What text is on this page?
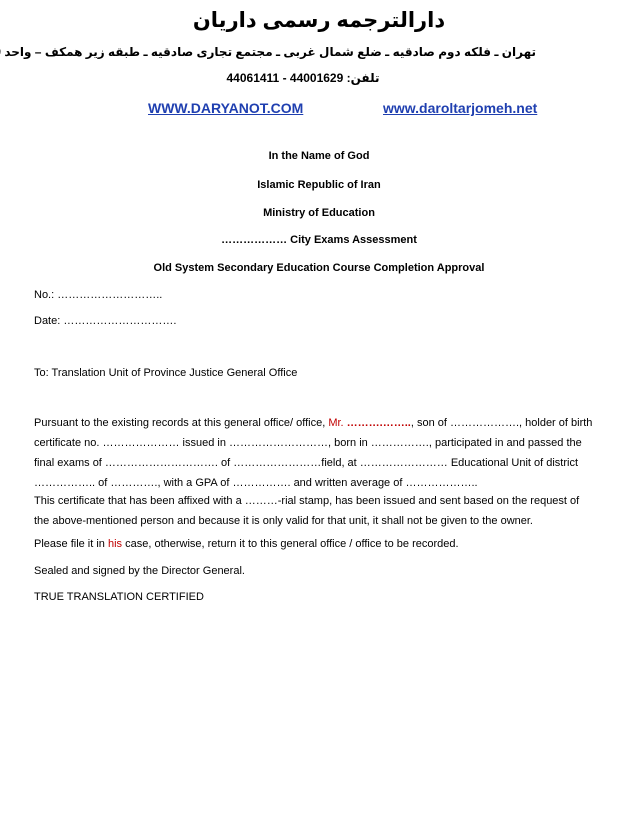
دارالترجمه رسمی داریان
تهران ـ فلکه دوم صادقیه ـ ضلع شمال غربی ـ مجتمع تجاری صادقیه ـ طبقه زیر همکف – واحد
تلفن: 44061411 - 44001629
WWW.DARYANOT.COM	www.daroltarjomeh.net
In the Name of God
Islamic Republic of Iran
Ministry of Education
……………… City Exams Assessment
Old System Secondary Education Course Completion Approval
No.: ………………………..
Date: ………………………….
To: Translation Unit of Province Justice General Office
Pursuant to the existing records at this general office/ office, Mr. ……….…….., son of ………………., holder of birth certificate no. ………………… issued in ………………………, born in ……………., participated in and passed the final exams of …………………………. of ……………………field, at …………………… Educational Unit of district …………….. of …………., with a GPA of ……………. and written average of ………………..
This certificate that has been affixed with a ………-rial stamp, has been issued and sent based on the request of the above-mentioned person and because it is only valid for that unit, it shall not be given to the owner.
Please file it in his case, otherwise, return it to this general office / office to be recorded.
Sealed and signed by the Director General.
TRUE TRANSLATION CERTIFIED
